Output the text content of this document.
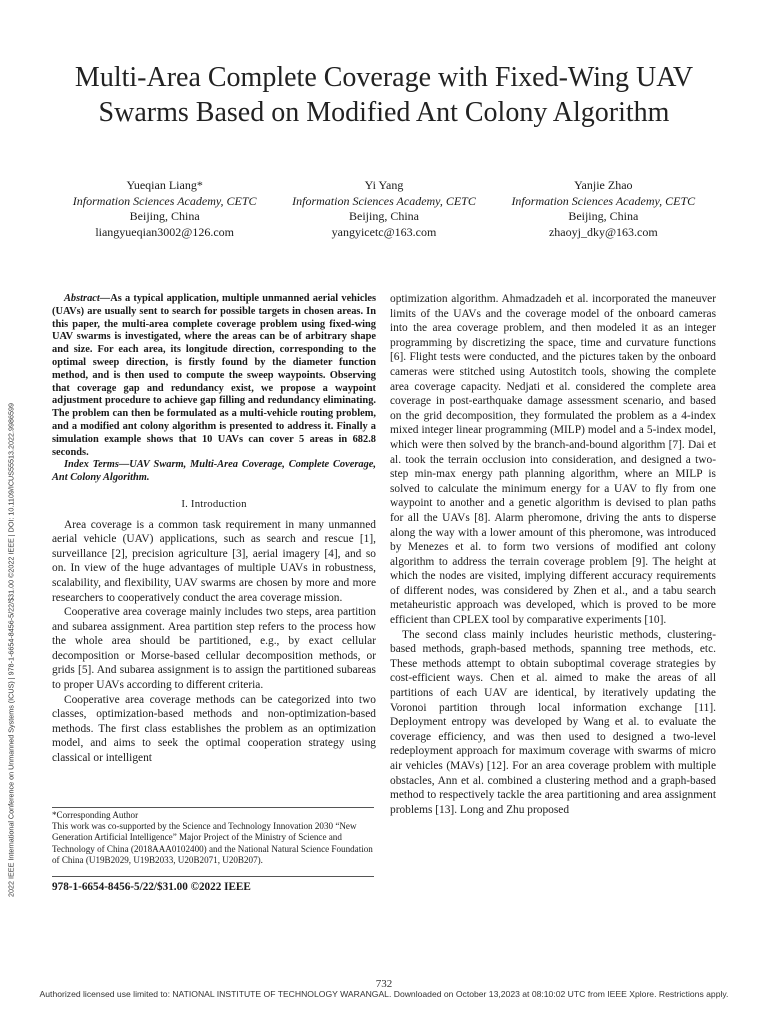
Multi-Area Complete Coverage with Fixed-Wing UAV Swarms Based on Modified Ant Colony Algorithm
Yueqian Liang*
Information Sciences Academy, CETC
Beijing, China
liangyueqian3002@126.com
Yi Yang
Information Sciences Academy, CETC
Beijing, China
yangyicetc@163.com
Yanjie Zhao
Information Sciences Academy, CETC
Beijing, China
zhaoyj_dky@163.com
2022 IEEE International Conference on Unmanned Systems (ICUS) | 978-1-6654-8456-5/22/$31.00 ©2022 IEEE | DOI: 10.1109/ICUS55513.2022.9986599

Abstract—As a typical application, multiple unmanned aerial vehicles (UAVs) are usually sent to search for possible targets in chosen areas. In this paper, the multi-area complete coverage problem using fixed-wing UAV swarms is investigated, where the areas can be of arbitrary shape and size. For each area, its longitude direction, corresponding to the optimal sweep direction, is firstly found by the diameter function method, and is then used to compute the sweep waypoints. Observing that coverage gap and redundancy exist, we propose a waypoint adjustment procedure to achieve gap filling and redundancy eliminating. The problem can then be formulated as a multi-vehicle routing problem, and a modified ant colony algorithm is presented to address it. Finally a simulation example shows that 10 UAVs can cover 5 areas in 682.8 seconds.

Index Terms—UAV Swarm, Multi-Area Coverage, Complete Coverage, Ant Colony Algorithm.

I. Introduction

Area coverage is a common task requirement in many unmanned aerial vehicle (UAV) applications, such as search and rescue [1], surveillance [2], precision agriculture [3], aerial imagery [4], and so on. In view of the huge advantages of multiple UAVs in robustness, scalability, and flexibility, UAV swarms are chosen by more and more researchers to cooperatively conduct the area coverage mission.

Cooperative area coverage mainly includes two steps, area partition and subarea assignment. Area partition step refers to the process how the whole area should be partitioned, e.g., by exact cellular decomposition or Morse-based cellular decomposition methods, or grids [5]. And subarea assignment is to assign the partitioned subareas to proper UAVs according to different criteria.

Cooperative area coverage methods can be categorized into two classes, optimization-based methods and non-optimization-based methods. The first class establishes the problem as an optimization model, and aims to seek the optimal cooperation strategy using classical or intelligent

*Corresponding Author

This work was co-supported by the Science and Technology Innovation 2030 “New Generation Artificial Intelligence” Major Project of the Ministry of Science and Technology of China (2018AAA0102400) and the National Natural Science Foundation of China (U19B2029, U19B2033, U20B2071, U20B207).

978-1-6654-8456-5/22/$31.00 ©2022 IEEE

optimization algorithm. Ahmadzadeh et al. incorporated the maneuver limits of the UAVs and the coverage model of the onboard cameras into the area coverage problem, and then modeled it as an integer programming by discretizing the space, time and curvature functions [6]. Flight tests were conducted, and the pictures taken by the onboard cameras were stitched using Autostitch tools, showing the complete area coverage capacity. Nedjati et al. considered the complete area coverage in post-earthquake damage assessment scenario, and based on the grid decomposition, they formulated the problem as a 4-index mixed integer linear programming (MILP) model and a 5-index model, which were then solved by the branch-and-bound algorithm [7]. Dai et al. took the terrain occlusion into consideration, and designed a two-step min-max energy path planning algorithm, where an MILP is solved to calculate the minimum energy for a UAV to fly from one waypoint to another and a genetic algorithm is devised to plan paths for all the UAVs [8]. Alarm pheromone, driving the ants to disperse along the way with a lower amount of this pheromone, was introduced by Menezes et al. to form two versions of modified ant colony algorithm to address the terrain coverage problem [9]. The height at which the nodes are visited, implying different accuracy requirements of different nodes, was considered by Zhen et al., and a tabu search metaheuristic approach was developed, which is proved to be more efficient than CPLEX tool by comparative experiments [10].

The second class mainly includes heuristic methods, clustering-based methods, graph-based methods, spanning tree methods, etc. These methods attempt to obtain suboptimal coverage strategies by cost-efficient ways. Chen et al. aimed to make the areas of all partitions of each UAV are identical, by iteratively updating the Voronoi partition through local information exchange [11]. Deployment entropy was developed by Wang et al. to evaluate the coverage efficiency, and was then used to designed a two-level redeployment approach for maximum coverage with swarms of micro air vehicles (MAVs) [12]. For an area coverage problem with multiple obstacles, Ann et al. combined a clustering method and a graph-based method to respectively tackle the area partitioning and area assignment problems [13]. Long and Zhu proposed

732
Authorized licensed use limited to: NATIONAL INSTITUTE OF TECHNOLOGY WARANGAL. Downloaded on October 13,2023 at 08:10:02 UTC from IEEE Xplore. Restrictions apply.
